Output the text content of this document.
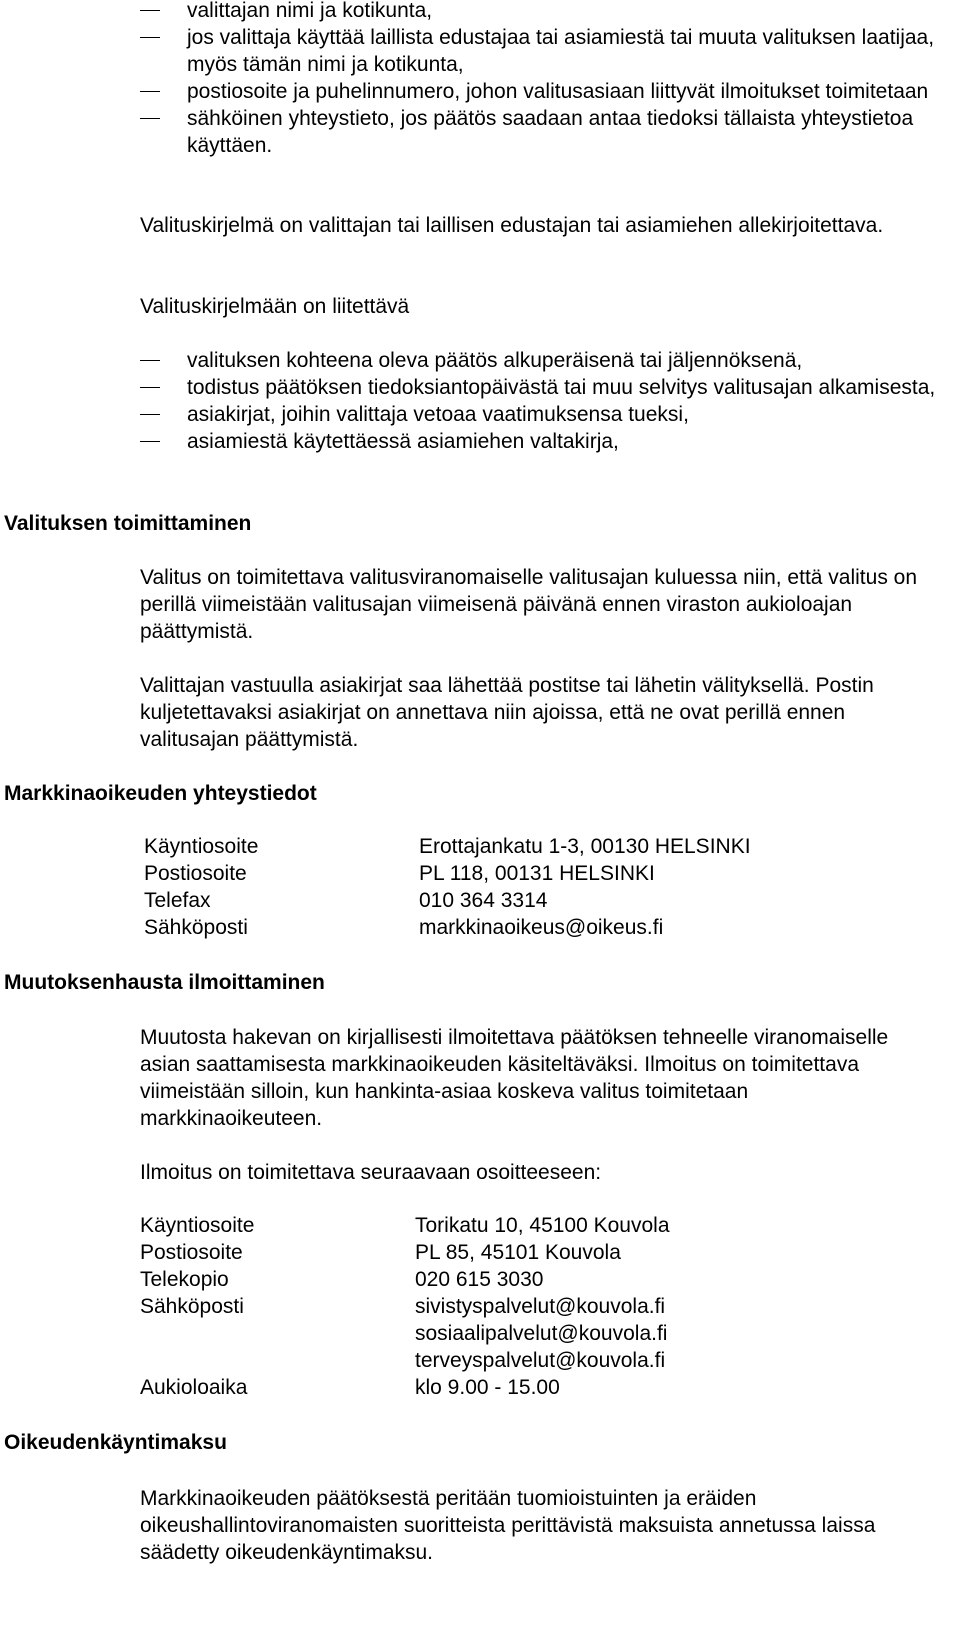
valittajan nimi ja kotikunta,
jos valittaja käyttää laillista edustajaa tai asiamiestä tai muuta valituksen laatijaa, myös tämän nimi ja kotikunta,
postiosoite ja puhelinnumero, johon valitusasiaan liittyvät ilmoitukset toimitetaan
sähköinen yhteystieto, jos päätös saadaan antaa tiedoksi tällaista yhteystietoa käyttäen.

Valituskirjelmä on valittajan tai laillisen edustajan tai asiamiehen allekirjoitettava.

Valituskirjelmään on liitettävä

valituksen kohteena oleva päätös alkuperäisenä tai jäljennöksenä,
todistus päätöksen tiedoksiantopäivästä tai muu selvitys valitusajan alkamisesta,
asiakirjat, joihin valittaja vetoaa vaatimuksensa tueksi,
asiamiestä käytettäessä asiamiehen valtakirja,
Valituksen toimittaminen

Valitus on toimitettava valitusviranomaiselle valitusajan kuluessa niin, että valitus on perillä viimeistään valitusajan viimeisenä päivänä ennen viraston aukioloajan päättymistä.

Valittajan vastuulla asiakirjat saa lähettää postitse tai lähetin välityksellä. Postin kuljetettavaksi asiakirjat on annettava niin ajoissa, että ne ovat perillä ennen valitusajan päättymistä.

Markkinaoikeuden yhteystiedot
Käyntiosoite	Erottajankatu 1-3, 00130 HELSINKI
Postiosoite	PL 118, 00131 HELSINKI
Telefax	010 364 3314
Sähköposti	markkinaoikeus@oikeus.fi
Muutoksenhausta ilmoittaminen

Muutosta hakevan on kirjallisesti ilmoitettava päätöksen tehneelle viranomaiselle asian saattamisesta markkinaoikeuden käsiteltäväksi. Ilmoitus on toimitettava viimeistään silloin, kun hankinta-asiaa koskeva valitus toimitetaan markkinaoikeuteen.

Ilmoitus on toimitettava seuraavaan osoitteeseen:

Käyntiosoite	Torikatu 10, 45100 Kouvola
Postiosoite	PL 85, 45101 Kouvola
Telekopio	020 615 3030
Sähköposti	sivistyspalvelut@kouvola.fi
sosiaalipalvelut@kouvola.fi
terveyspalvelut@kouvola.fi
Aukioloaika	klo 9.00 - 15.00
Oikeudenkäyntimaksu

Markkinaoikeuden päätöksestä peritään tuomioistuinten ja eräiden oikeushallintoviranomaisten suoritteista perittävistä maksuista annetussa laissa säädetty oikeudenkäyntimaksu.
